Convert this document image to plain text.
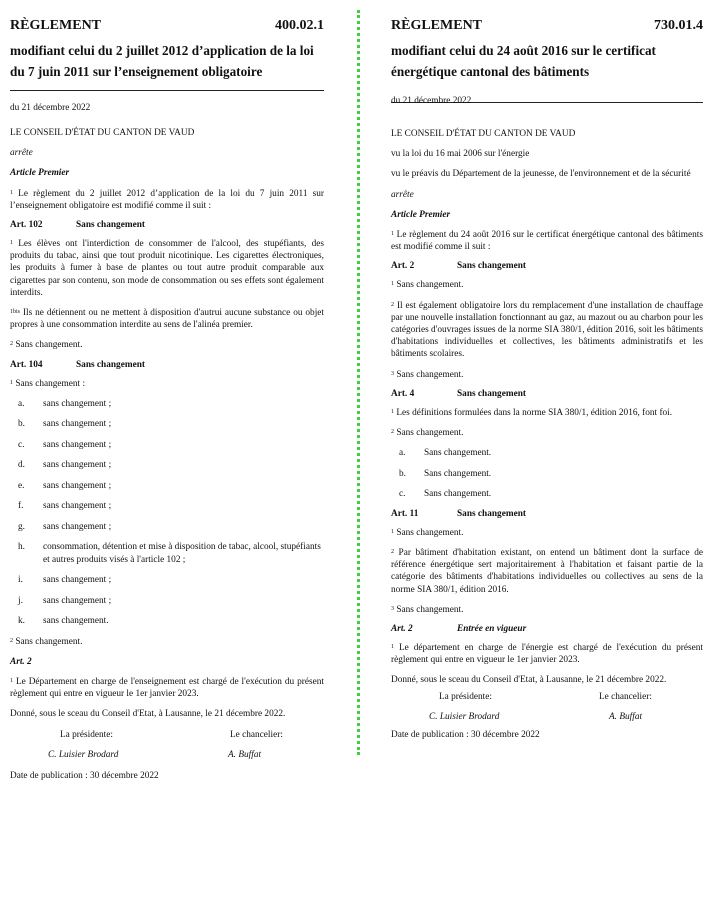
RÈGLEMENT	400.02.1
modifiant celui du 2 juillet 2012 d’application de la loi du 7 juin 2011 sur l’enseignement obligatoire
du 21 décembre 2022

LE CONSEIL D'ÉTAT DU CANTON DE VAUD

arrête

Article Premier

$^1$ Le règlement du 2 juillet 2012 d’application de la loi du 7 juin 2011 sur l’enseignement obligatoire est modifié comme il suit :

Art. 102	Sans changement

$^1$ Les élèves ont l'interdiction de consommer de l'alcool, des stupéfiants, des produits du tabac, ainsi que tout produit nicotinique. Les cigarettes électroniques, les produits à fumer à base de plantes ou tout autre produit comparable aux cigarettes par son contenu, son mode de consommation ou ses effets sont également interdits.

$^{1bis}$ Ils ne détiennent ou ne mettent à disposition d'autrui aucune substance ou objet propres à une consommation interdite au sens de l'alinéa premier.

$^2$ Sans changement.

Art. 104	Sans changement

$^1$ Sans changement :

a.	sans changement ;
b.	sans changement ;
c.	sans changement ;
d.	sans changement ;
e.	sans changement ;
f.	sans changement ;
g.	sans changement ;
h.	consommation, détention et mise à disposition de tabac, alcool, stupéfiants et autres produits visés à l'article 102 ;
i.	sans changement ;
j.	sans changement ;
k.	sans changement.

$^2$ Sans changement.

Art. 2

$^1$ Le Département en charge de l'enseignement est chargé de l'exécution du présent règlement qui entre en vigueur le 1er janvier 2023.

Donné, sous le sceau du Conseil d'Etat, à Lausanne, le 21 décembre 2022.

La présidente:	Le chancelier:
C. Luisier Brodard	A. Buffat

Date de publication : 30 décembre 2022

RÈGLEMENT	730.01.4
modifiant celui du 24 août 2016 sur le certificat énergétique cantonal des bâtiments
du 21 décembre 2022

LE CONSEIL D'ÉTAT DU CANTON DE VAUD

vu la loi du 16 mai 2006 sur l'énergie

vu le préavis du Département de la jeunesse, de l'environnement et de la sécurité

arrête

Article Premier

$^1$ Le règlement du 24 août 2016 sur le certificat énergétique cantonal des bâtiments est modifié comme il suit :

Art. 2	Sans changement

$^1$ Sans changement.

$^2$ Il est également obligatoire lors du remplacement d'une installation de chauffage par une nouvelle installation fonctionnant au gaz, au mazout ou au charbon pour les catégories d'ouvrages issues de la norme SIA 380/1, édition 2016, soit les bâtiments d'habitations individuelles et collectives, les bâtiments administratifs et les bâtiments scolaires.

$^3$ Sans changement.

Art. 4	Sans changement

$^1$ Les définitions formulées dans la norme SIA 380/1, édition 2016, font foi.

$^2$ Sans changement.

a.	Sans changement.
b.	Sans changement.
c.	Sans changement.
Art. 11	Sans changement

$^1$ Sans changement.

$^2$ Par bâtiment d'habitation existant, on entend un bâtiment dont la surface de référence énergétique sert majoritairement à l'habitation et faisant partie de la catégorie des bâtiments d'habitations individuelles ou collectives au sens de la norme SIA 380/1, édition 2016.

$^3$ Sans changement.

Art. 2	Entrée en vigueur

$^1$ Le département en charge de l'énergie est chargé de l'exécution du présent règlement qui entre en vigueur le 1er janvier 2023.

Donné, sous le sceau du Conseil d'Etat, à Lausanne, le 21 décembre 2022.

La présidente:	Le chancelier:
C. Luisier Brodard	A. Buffat

Date de publication : 30 décembre 2022
